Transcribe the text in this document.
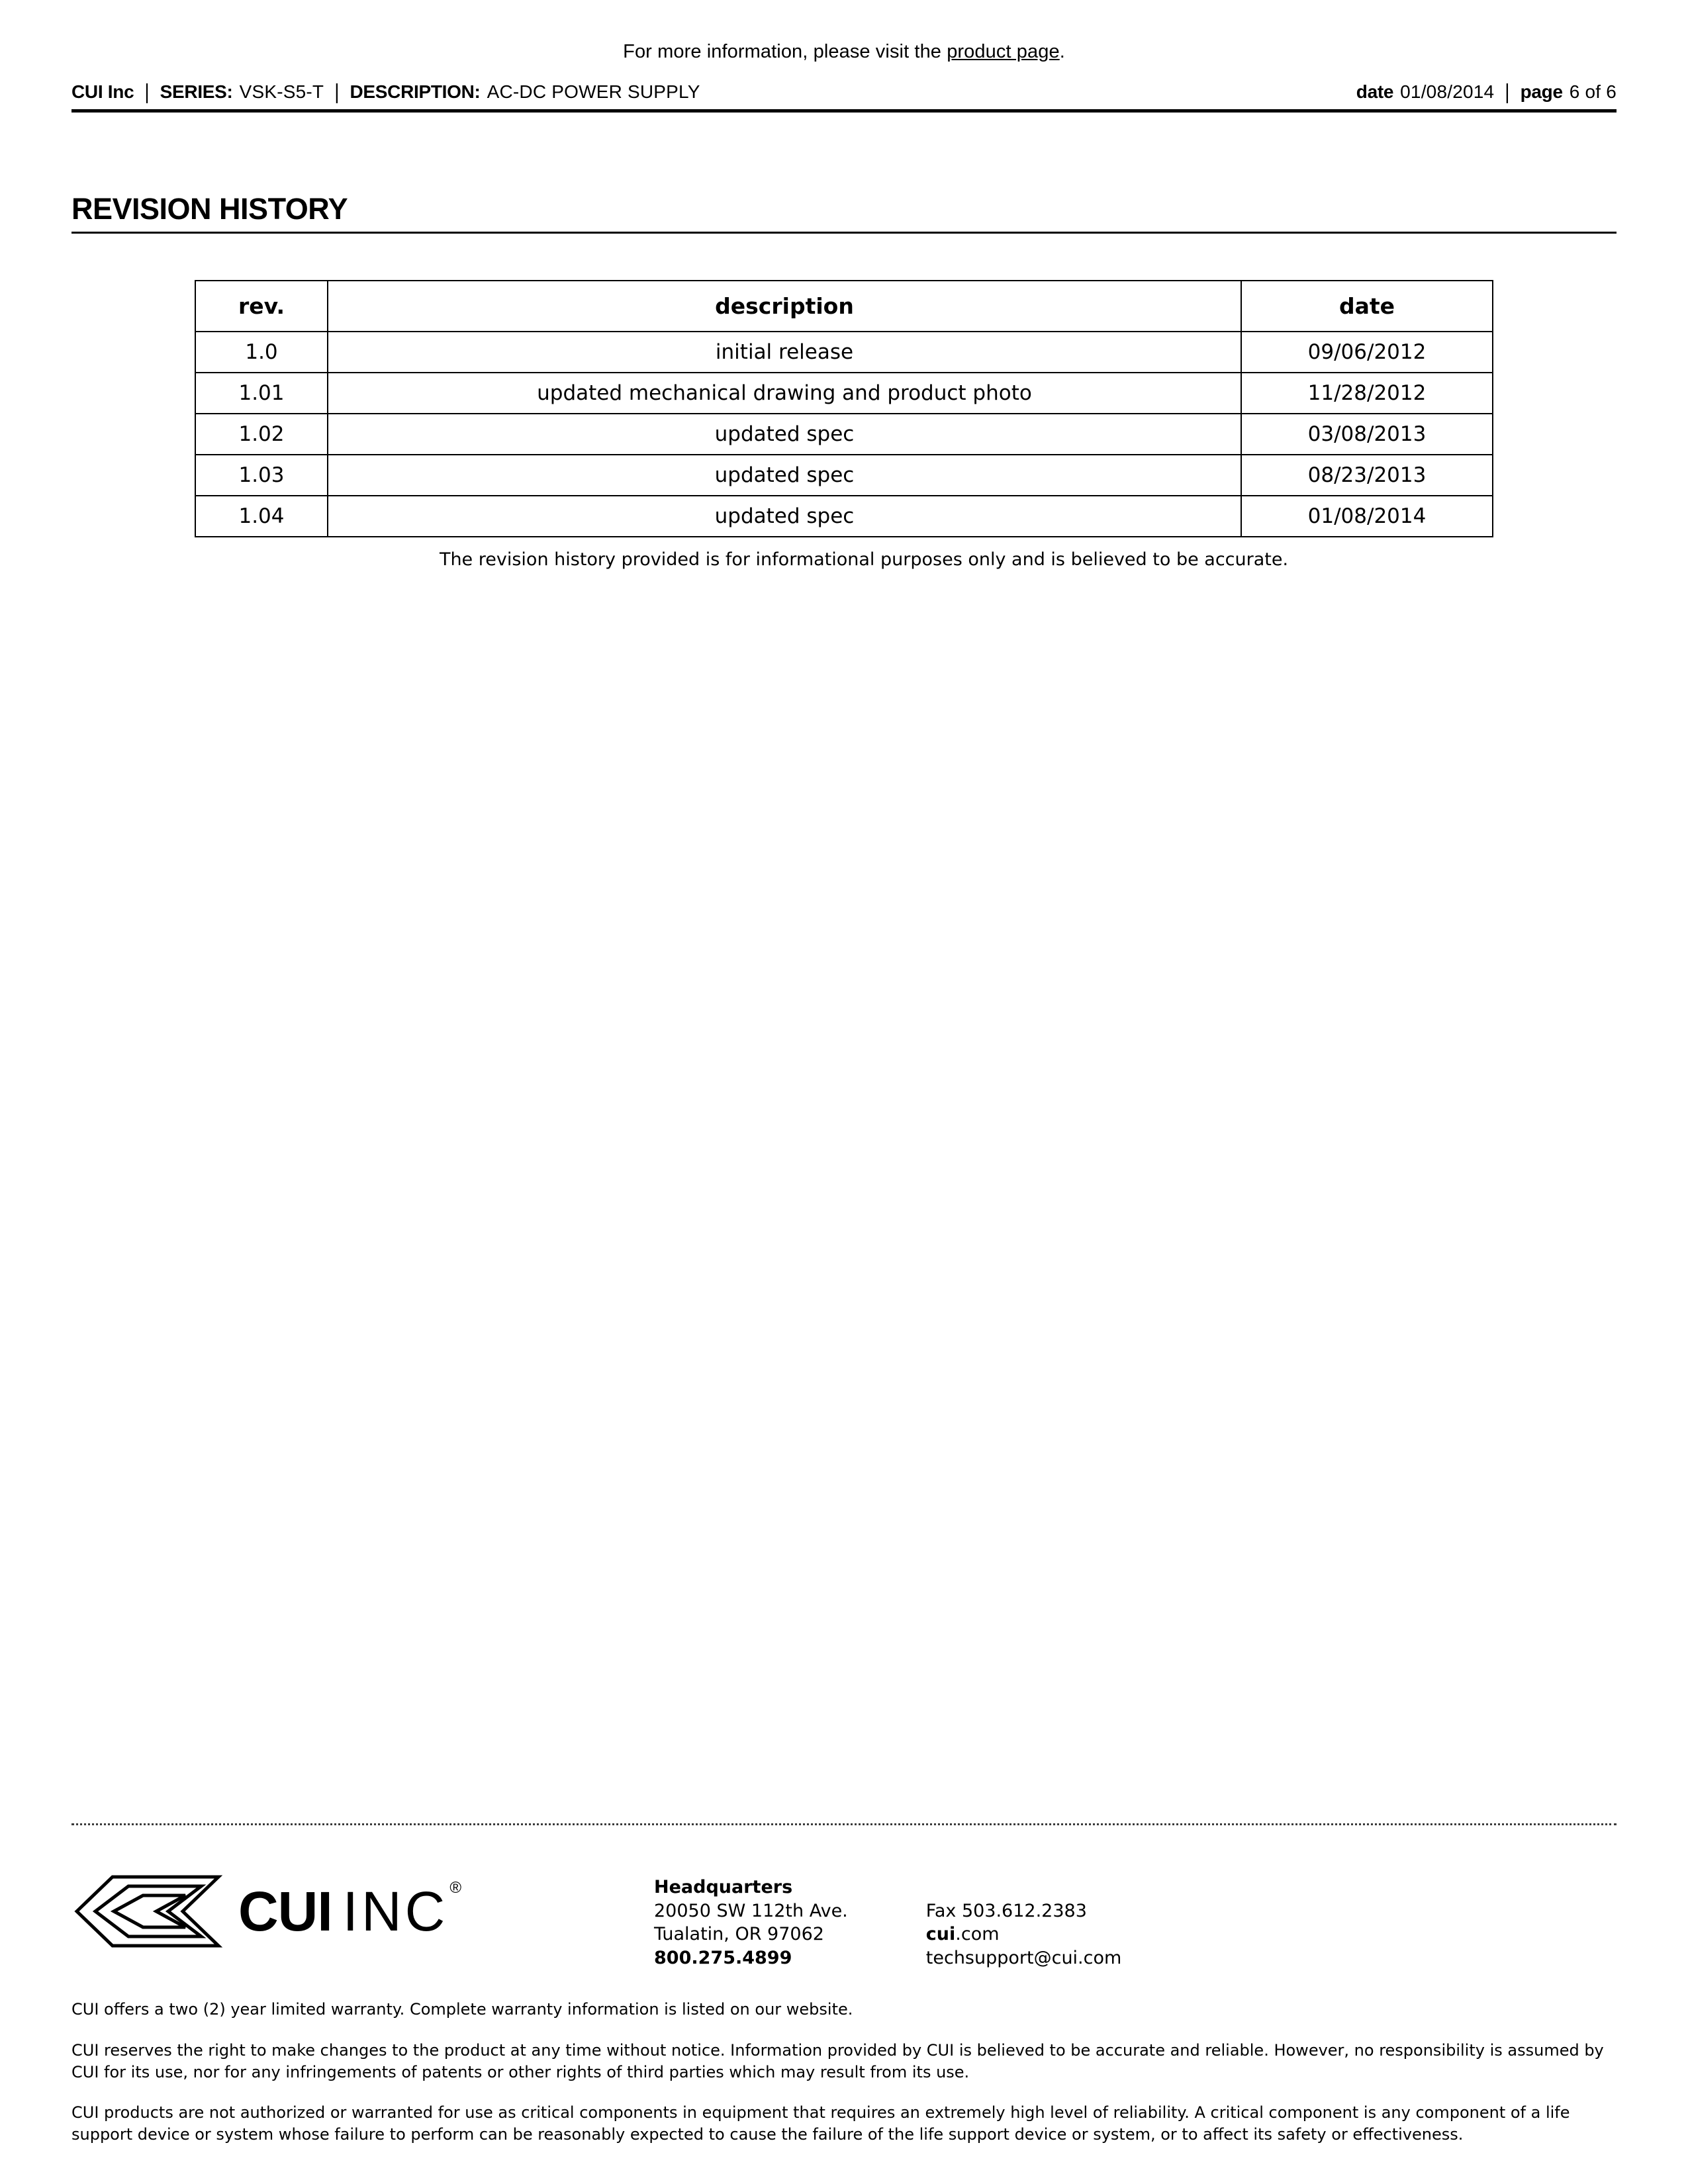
For more information, please visit the product page.
CUI Inc | SERIES: VSK-S5-T | DESCRIPTION: AC-DC POWER SUPPLY	date 01/08/2014 | page 6 of 6
REVISION HISTORY
rev.	description	date
1.0	initial release	09/06/2012
1.01	updated mechanical drawing and product photo	11/28/2012
1.02	updated spec	03/08/2013
1.03	updated spec	08/23/2013
1.04	updated spec	01/08/2014
The revision history provided is for informational purposes only and is believed to be accurate.
CUI INC®	Headquarters
20050 SW 112th Ave.
Tualatin, OR 97062
800.275.4899
Fax 503.612.2383
cui.com
techsupport@cui.com

CUI offers a two (2) year limited warranty. Complete warranty information is listed on our website.

CUI reserves the right to make changes to the product at any time without notice. Information provided by CUI is believed to be accurate and reliable. However, no responsibility is assumed by CUI for its use, nor for any infringements of patents or other rights of third parties which may result from its use.

CUI products are not authorized or warranted for use as critical components in equipment that requires an extremely high level of reliability. A critical component is any component of a life support device or system whose failure to perform can be reasonably expected to cause the failure of the life support device or system, or to affect its safety or effectiveness.
